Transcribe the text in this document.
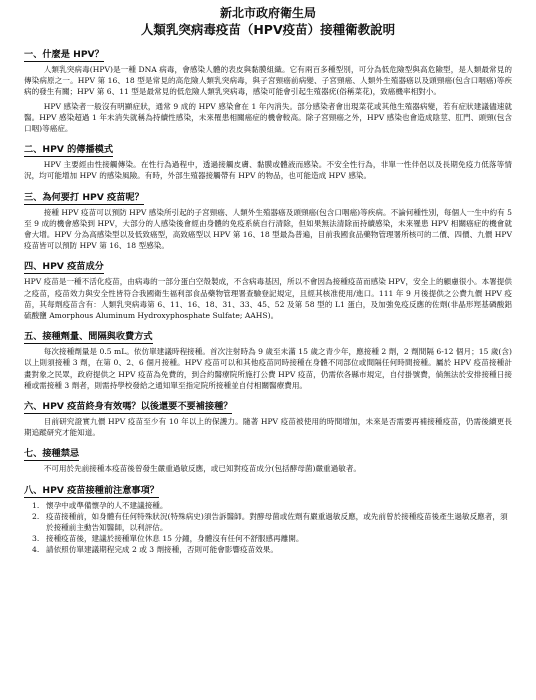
新北市政府衛生局
人類乳突病毒疫苗（HPV疫苗）接種衛教說明
一、什麼是 HPV？

人類乳突病毒(HPV)是一種 DNA 病毒，會感染人體的表皮與黏膜組織。它有兩百多種型別，可分為低危險型與高危險型，是人類最常見的傳染病原之一。HPV 第 16、18 型是常見的高危險人類乳突病毒，與子宮頸癌前病變、子宮頸癌、人類外生殖器癌以及頭頸癌(包含口咽癌)等疾病的發生有關；HPV 第 6、11 型是最常見的低危險人類乳突病毒，感染可能會引起生殖器疣(俗稱菜花)，致癌機率相對小。

HPV 感染者一般沒有明顯症狀，通常 9 成的 HPV 感染會在 1 年內消失。部分感染者會出現菜花或其他生殖器病變，若有症狀建議儘速就醫。HPV 感染超過 1 年未消失就稱為持續性感染，未來罹患相關癌症的機會較高。除子宮頸癌之外，HPV 感染也會造成陰莖、肛門、頭頸(包含口咽)等癌症。

二、HPV 的傳播模式

HPV 主要經由性接觸傳染。在性行為過程中，透過接觸皮膚、黏膜或體液而感染。不安全性行為，非單一性伴侶以及長期免疫力低落等情況，均可能增加 HPV 的感染風險。有時，外部生殖器接觸帶有 HPV 的物品，也可能造成 HPV 感染。

三、為何要打 HPV 疫苗呢？

接種 HPV 疫苗可以預防 HPV 感染所引起的子宮頸癌、人類外生殖器癌及頭頸癌(包含口咽癌)等疾病。不論何種性別，每個人一生中約有 5 至 9 成的機會感染到 HPV，大部分的人感染後會經由身體的免疫系統自行清除，但如果無法清除而持續感染，未來罹患 HPV 相關癌症的機會就會大增。HPV 分為高感染型以及低致癌型，高致癌型以 HPV 第 16、18 型最為普遍，目前我國食品藥物管理署所核可的二價、四價、九價 HPV 疫苗皆可以預防 HPV 第 16、18 型感染。

四、HPV 疫苗成分

HPV 疫苗是一種不活化疫苗，由病毒的一部分蛋白空殼製成，不含病毒基因，所以不會因為接種疫苗而感染 HPV，安全上的顧慮很小。本署提供之疫苗，疫苗效力與安全性皆符合我國衛生福利部食品藥物管理署查驗登記規定，且經其核准使用/進口。111 年 9 月後提供之公費九價 HPV 疫苗，其每劑疫苗含有：人類乳突病毒第 6、11、16、18、31、33、45、52 及第 58 型的 L1 蛋白，及加強免疫反應的佐劑(非晶形羥基磷酸鋁硫酸鹽 Amorphous Aluminum Hydroxyphosphate Sulfate; AAHS)。

五、接種劑量、間隔與收費方式

每次接種劑量是 0.5 mL。依仿單建議時程接種。首次注射時為 9 歲至未滿 15 歲之青少年，應接種 2 劑，2 劑間隔 6-12 個月；15 歲(含)以上則須接種 3 劑，在第 0、2、6 個月接種。HPV 疫苗可以和其他疫苗同時接種在身體不同部位或間隔任何時間接種。屬於 HPV 疫苗接種計畫對象之民眾，政府提供之 HPV 疫苗為免費的，到合約醫療院所施打公費 HPV 疫苗，仍需依各縣市規定，自付掛號費，倘無法於安排接種日接種或需接種 3 劑者，則需持學校發給之通知單至指定院所接種並自付相關醫療費用。

六、HPV 疫苗終身有效嗎？以後還要不要補接種？

目前研究證實九價 HPV 疫苗至少有 10 年以上的保護力。隨著 HPV 疫苗被使用的時間增加，未來是否需要再補接種疫苗，仍需後續更長期追蹤研究才能知道。

七、接種禁忌

不可用於先前接種本疫苗後曾發生嚴重過敏反應，或已知對疫苗成分(包括酵母菌)嚴重過敏者。

八、HPV 疫苗接種前注意事項？
1. 懷孕中或準備懷孕的人不建議接種。
2. 疫苗接種前，如身體有任何特殊狀況(特殊病史)須告訴醫師。對酵母菌或佐劑有嚴重過敏反應，或先前曾於接種疫苗後產生過敏反應者，須於接種前主動告知醫師，以利評估。
3. 接種疫苗後，建議於接種單位休息 15 分鐘，身體沒有任何不舒服感再離開。
4. 請依照仿單建議期程完成 2 或 3 劑接種，否則可能會影響疫苗效果。
